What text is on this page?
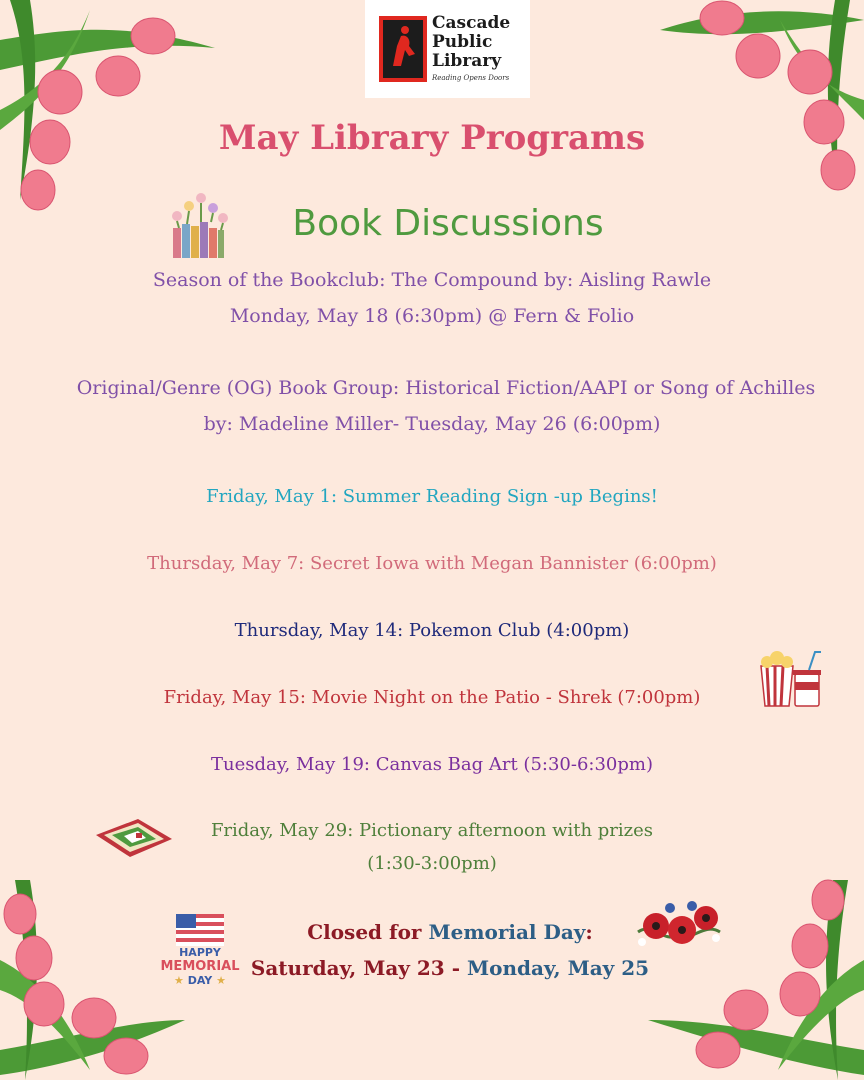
Cascade
Public
Library
Reading Opens Doors
May Library Programs
Book Discussions
Season of the Bookclub: The Compound by: Aisling Rawle
Monday, May 18 (6:30pm) @ Fern & Folio
Original/Genre (OG) Book Group: Historical Fiction/AAPI or Song of Achilles
by: Madeline Miller- Tuesday, May 26 (6:00pm)
Friday, May 1: Summer Reading Sign -up Begins!
Thursday, May 7: Secret Iowa with Megan Bannister (6:00pm)
Thursday, May 14: Pokemon Club (4:00pm)
Friday, May 15: Movie Night on the Patio - Shrek (7:00pm)
Tuesday, May 19: Canvas Bag Art (5:30-6:30pm)
Friday, May 29: Pictionary afternoon with prizes
(1:30-3:00pm)
HAPPY
MEMORIAL
★ DAY ★
Closed for Memorial Day:
Saturday, May 23 - Monday, May 25
